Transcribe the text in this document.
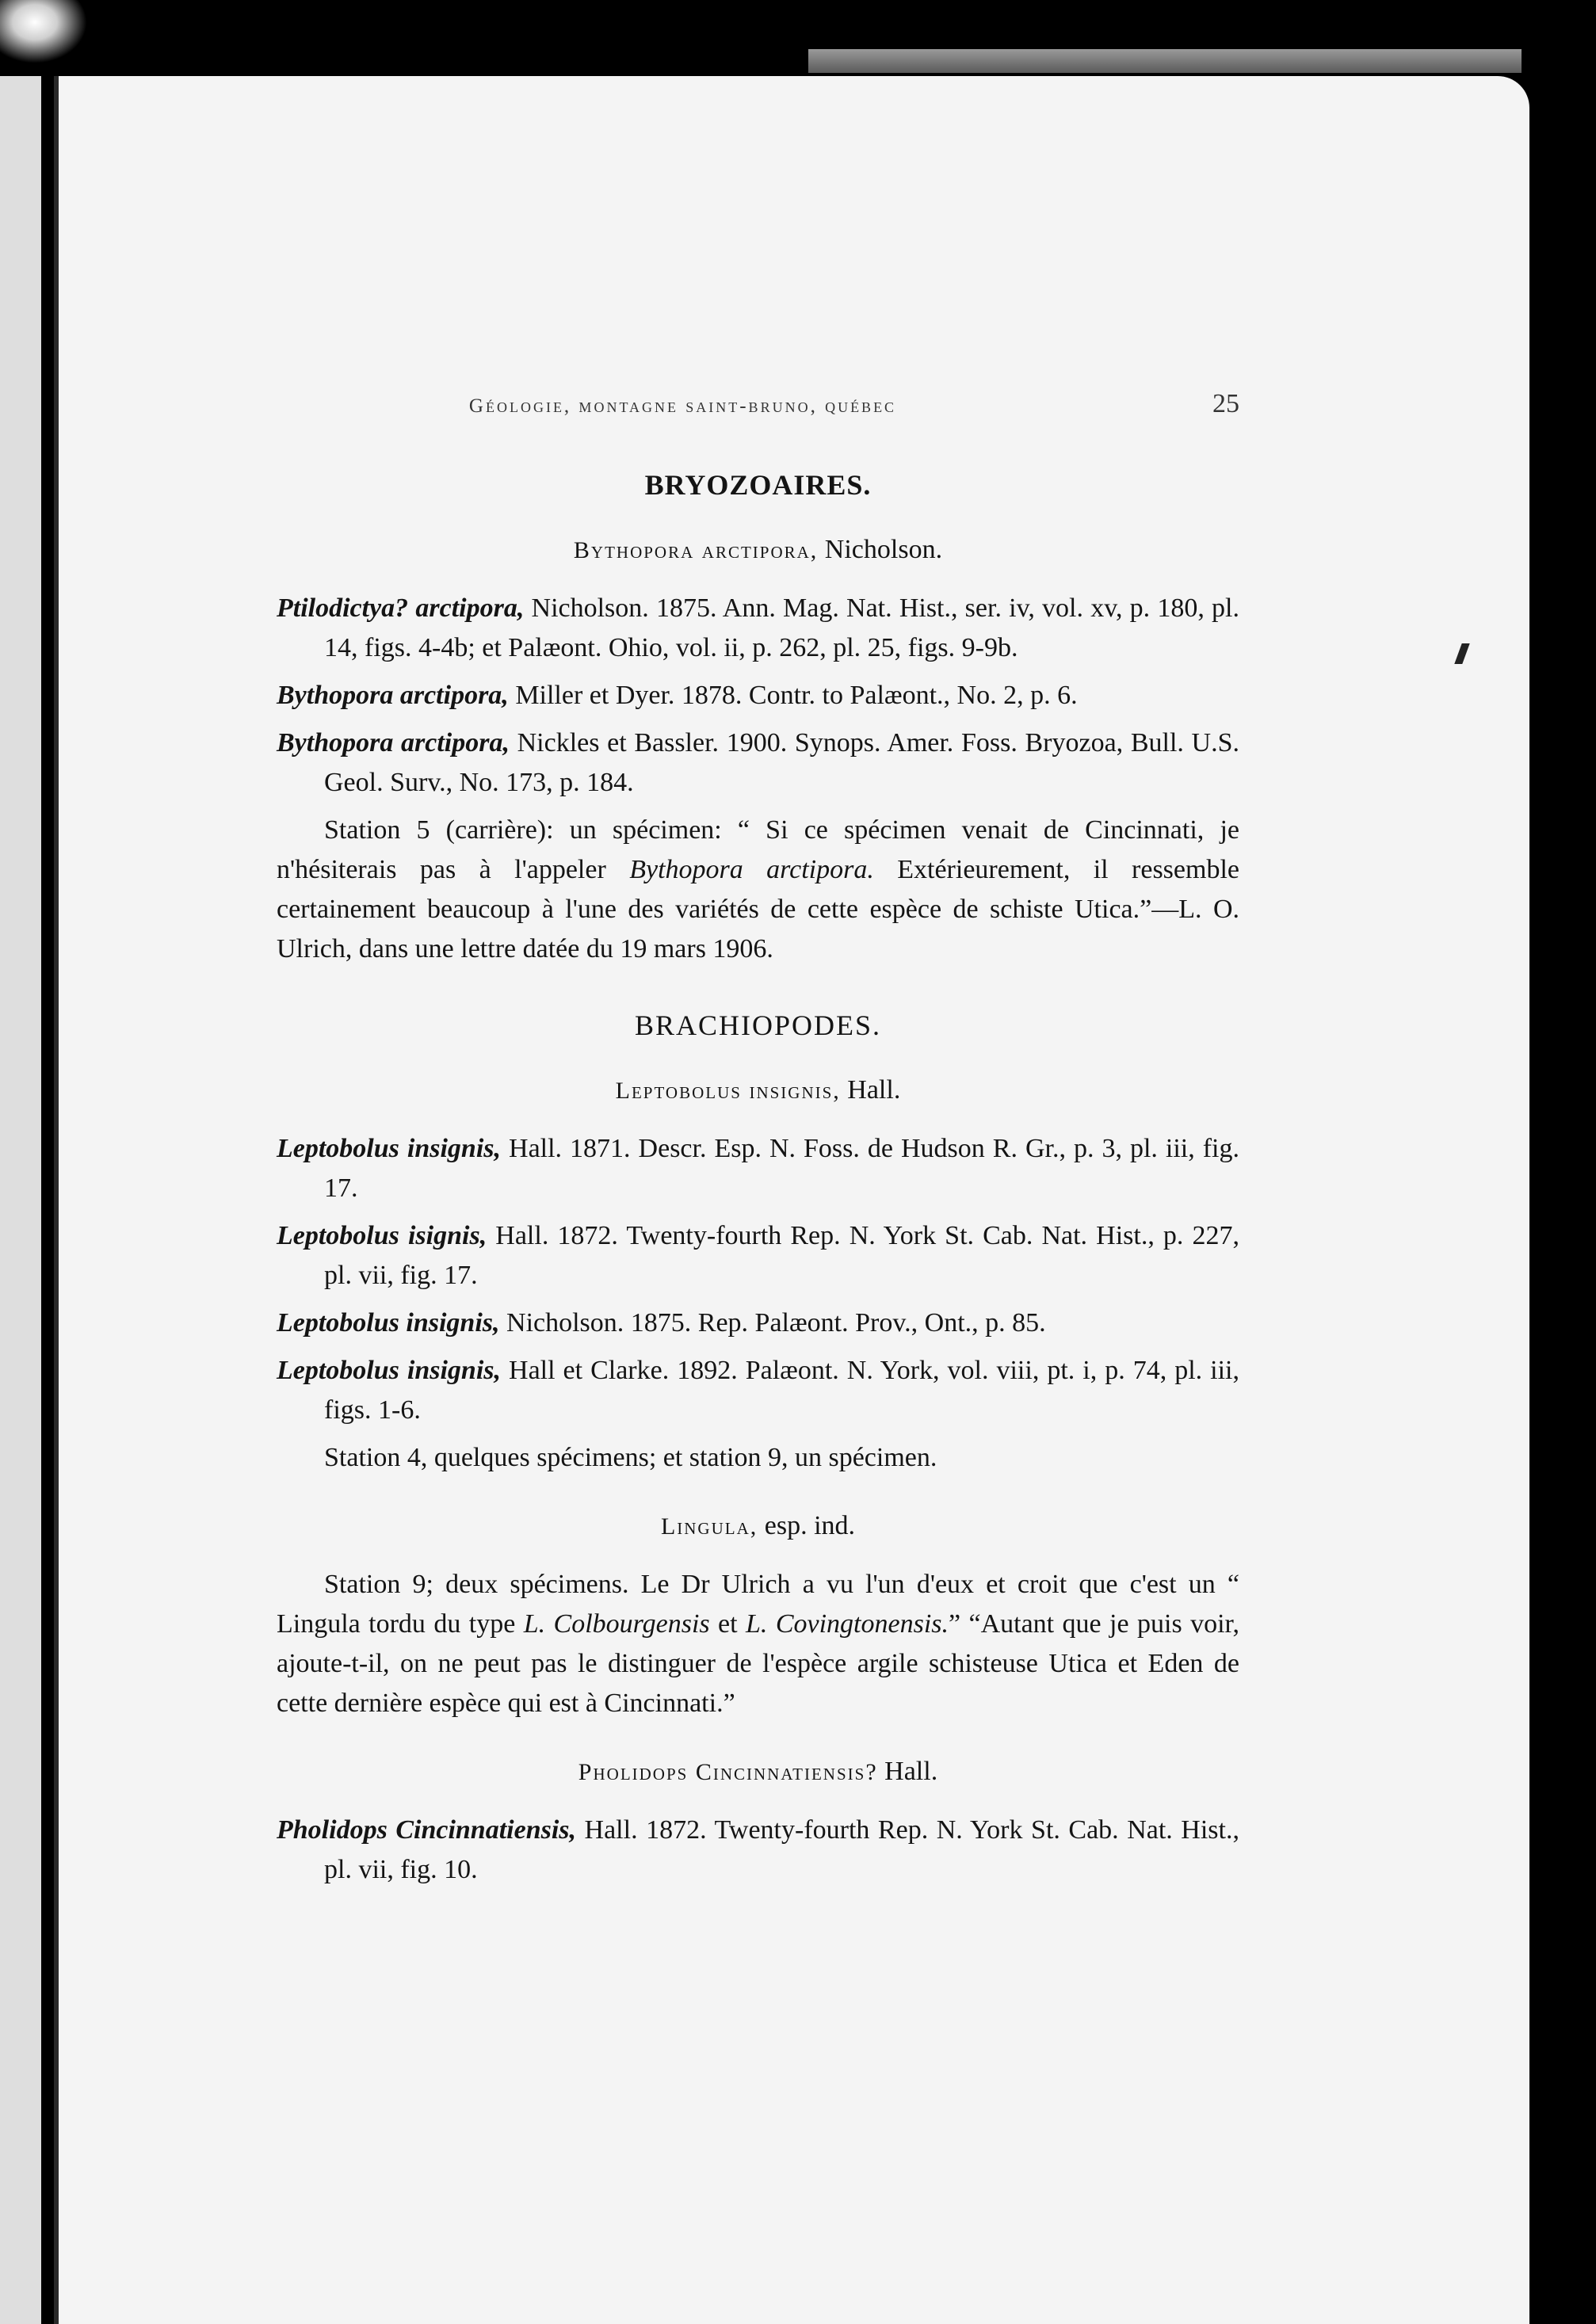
Géologie, montagne saint-bruno, québec	25
BRYOZOAIRES.
Bythopora arctipora, Nicholson.

Ptilodictya? arctipora, Nicholson. 1875. Ann. Mag. Nat. Hist., ser. iv, vol. xv, p. 180, pl. 14, figs. 4-4b; et Palæont. Ohio, vol. ii, p. 262, pl. 25, figs. 9-9b.

Bythopora arctipora, Miller et Dyer. 1878. Contr. to Palæont., No. 2, p. 6.

Bythopora arctipora, Nickles et Bassler. 1900. Synops. Amer. Foss. Bryozoa, Bull. U.S. Geol. Surv., No. 173, p. 184.

Station 5 (carrière): un spécimen: “ Si ce spécimen venait de Cincinnati, je n'hésiterais pas à l'appeler Bythopora arctipora. Extérieurement, il ressemble certainement beaucoup à l'une des variétés de cette espèce de schiste Utica.”—L. O. Ulrich, dans une lettre datée du 19 mars 1906.

BRACHIOPODES.
Leptobolus insignis, Hall.

Leptobolus insignis, Hall. 1871. Descr. Esp. N. Foss. de Hudson R. Gr., p. 3, pl. iii, fig. 17.

Leptobolus isignis, Hall. 1872. Twenty-fourth Rep. N. York St. Cab. Nat. Hist., p. 227, pl. vii, fig. 17.

Leptobolus insignis, Nicholson. 1875. Rep. Palæont. Prov., Ont., p. 85.

Leptobolus insignis, Hall et Clarke. 1892. Palæont. N. York, vol. viii, pt. i, p. 74, pl. iii, figs. 1-6.

Station 4, quelques spécimens; et station 9, un spécimen.

Lingula, esp. ind.

Station 9; deux spécimens. Le Dr Ulrich a vu l'un d'eux et croit que c'est un “ Lingula tordu du type L. Colbourgensis et L. Covingtonensis.” “Autant que je puis voir, ajoute-t-il, on ne peut pas le distinguer de l'espèce argile schisteuse Utica et Eden de cette dernière espèce qui est à Cincinnati.”

Pholidops Cincinnatiensis? Hall.

Pholidops Cincinnatiensis, Hall. 1872. Twenty-fourth Rep. N. York St. Cab. Nat. Hist., pl. vii, fig. 10.
